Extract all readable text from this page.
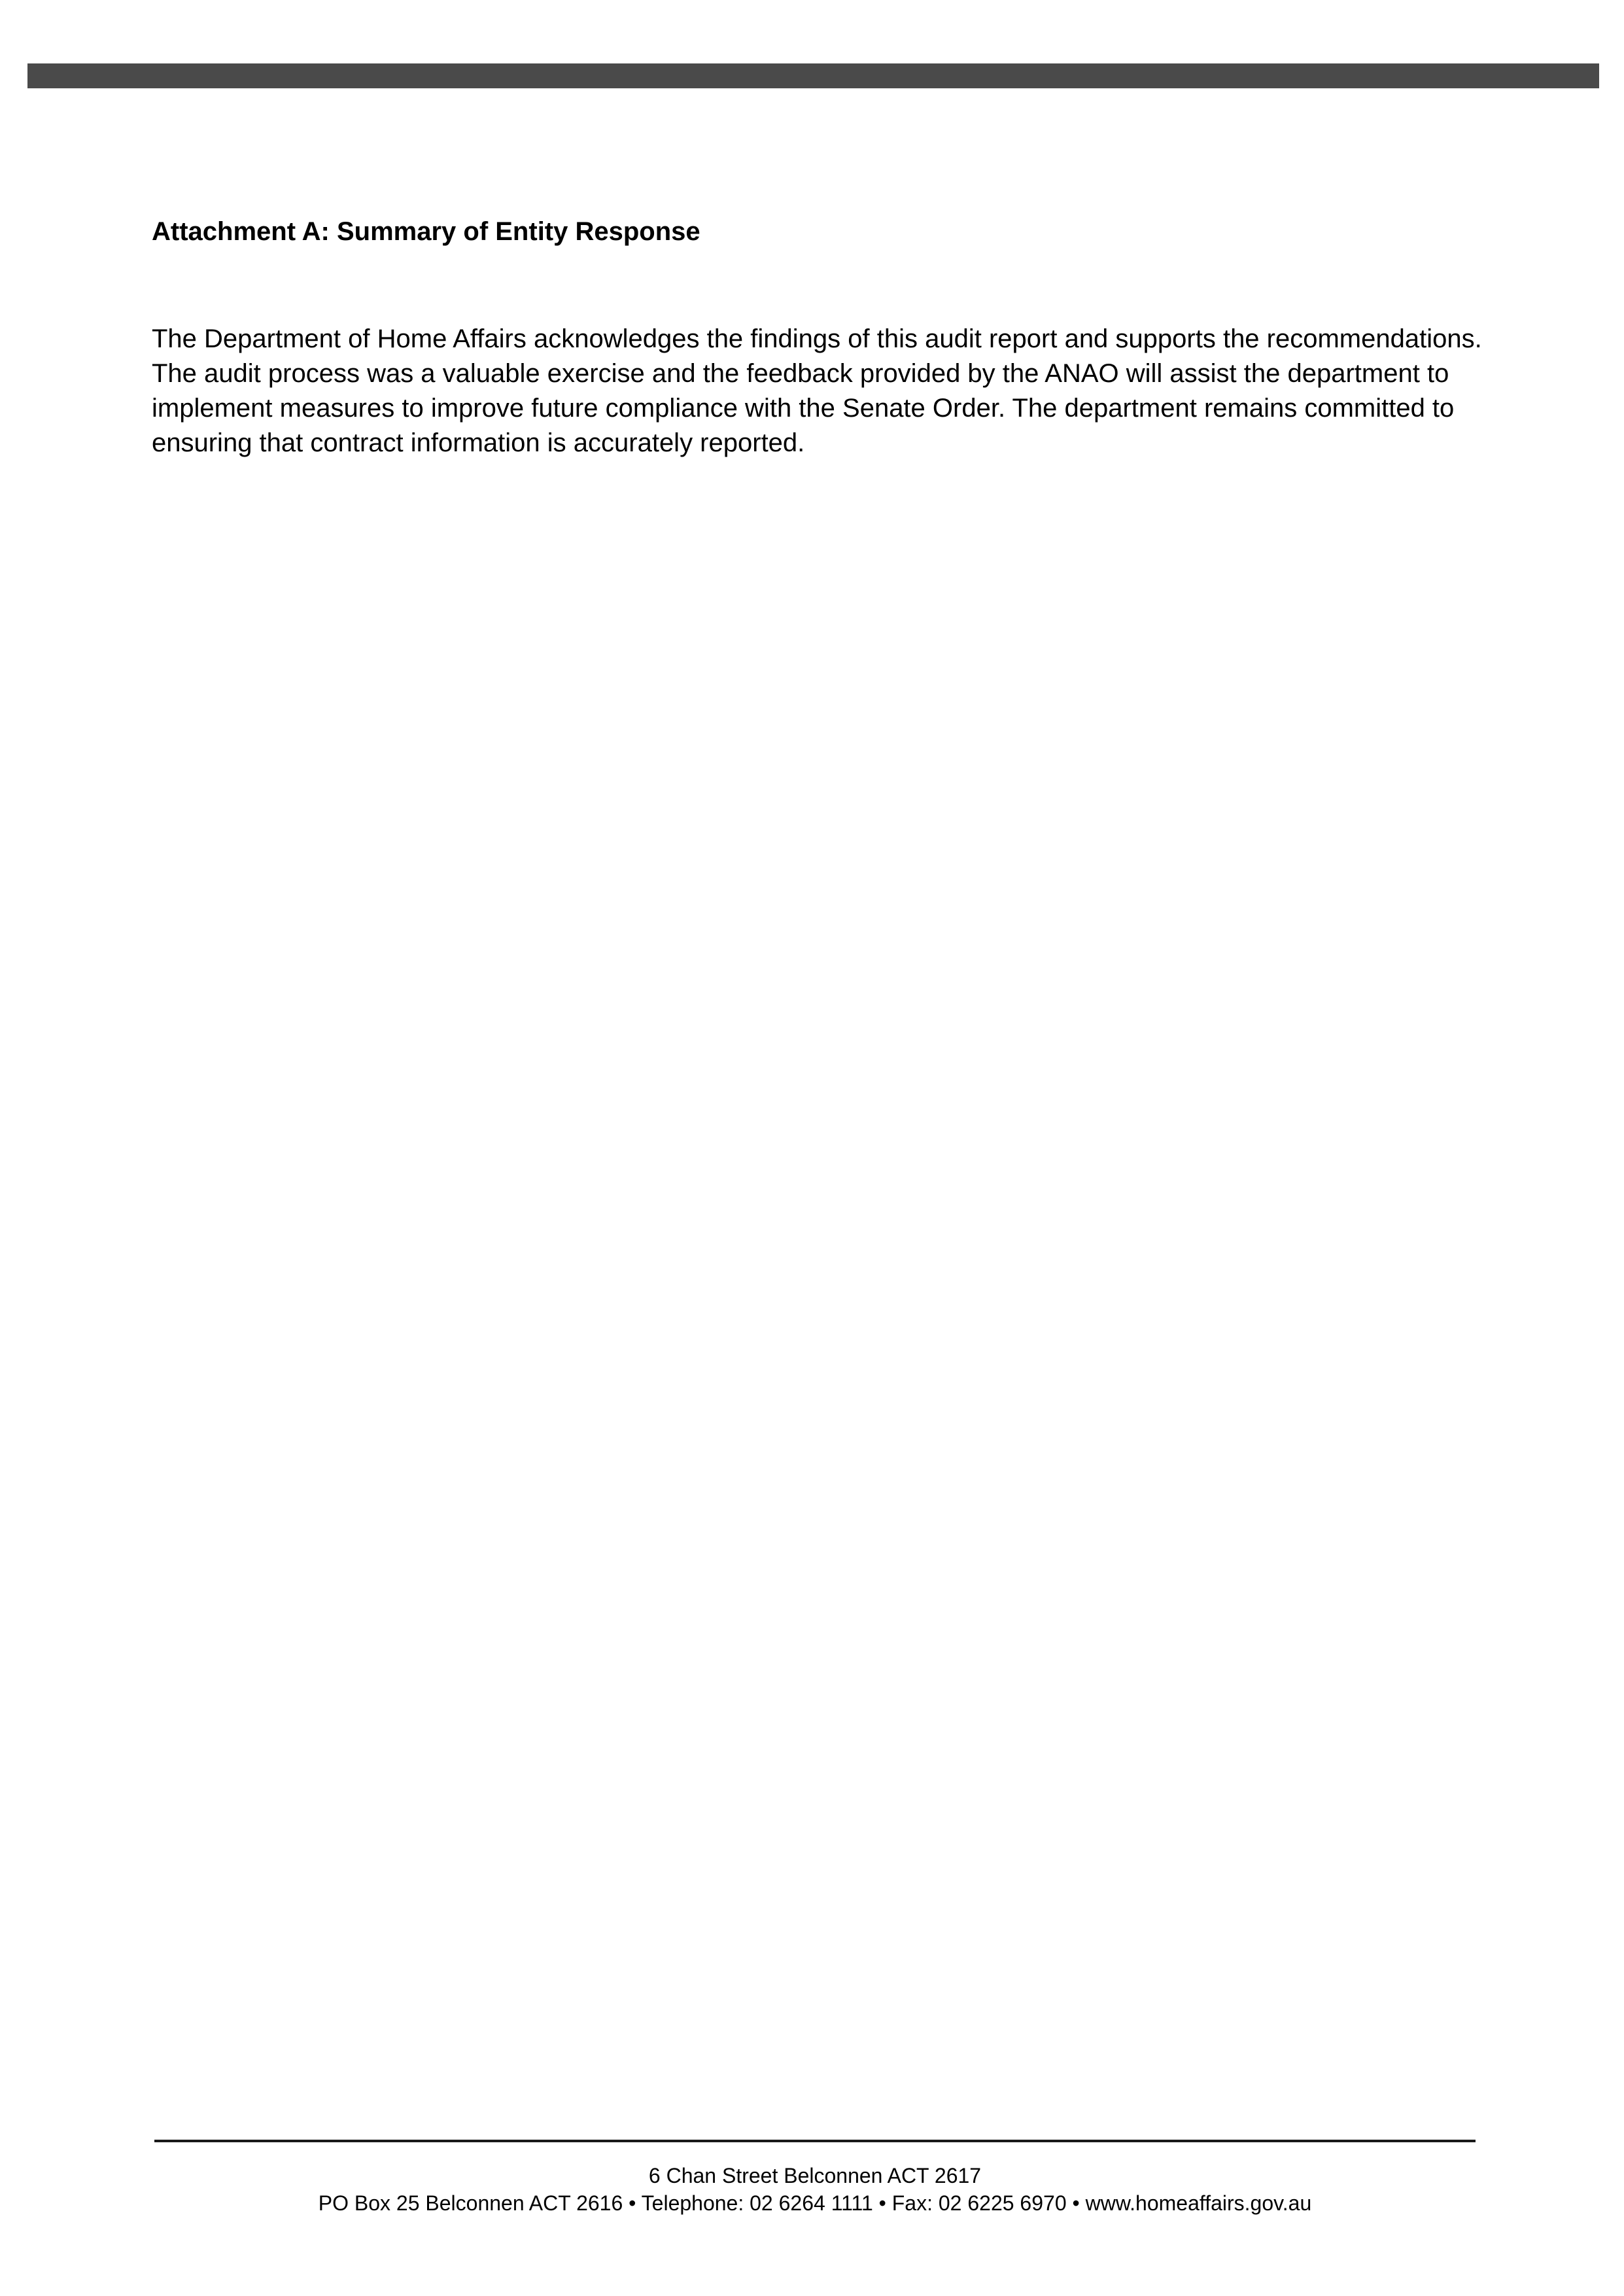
Attachment A: Summary of Entity Response

The Department of Home Affairs acknowledges the findings of this audit report and supports the recommendations. The audit process was a valuable exercise and the feedback provided by the ANAO will assist the department to implement measures to improve future compliance with the Senate Order. The department remains committed to ensuring that contract information is accurately reported.

6 Chan Street Belconnen ACT 2617
PO Box 25 Belconnen ACT 2616 • Telephone: 02 6264 1111 • Fax: 02 6225 6970 • www.homeaffairs.gov.au
